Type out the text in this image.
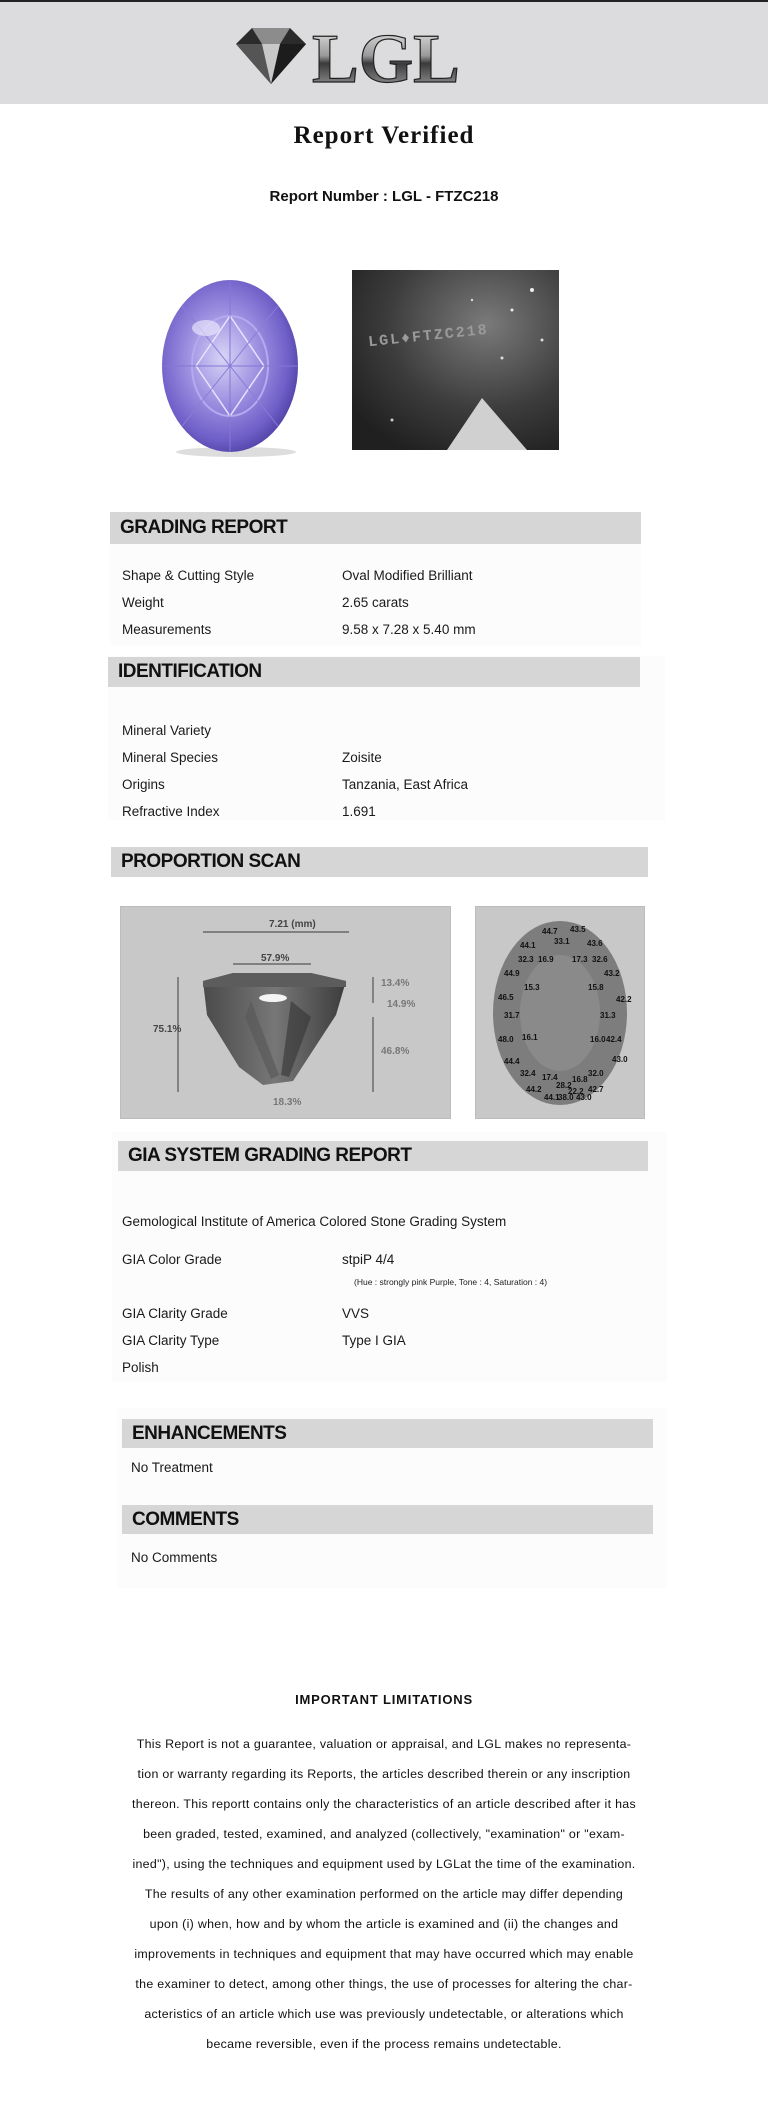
LGL
Report Verified
Report Number : LGL - FTZC218
LGL♦FTZC218
GRADING REPORT
Shape & Cutting Style	Oval Modified Brilliant
Weight	2.65 carats
Measurements	9.58 x 7.28 x 5.40 mm
IDENTIFICATION
Mineral Variety
Mineral Species	Zoisite
Origins	Tanzania, East Africa
Refractive Index	1.691
PROPORTION SCAN
7.21 (mm)
57.9%
75.1%
13.4%
14.9%
46.8%
18.3%
44.7 43.5
33.1
44.1	43.6
32.3 16.9 17.3 32.6
44.9	43.2
15.8
46.5
15.3
42.2
31.7	31.3
48.0 16.1	16.0 42.4
44.4	43.0
32.4	32.0
17.4 16.8
44.2 28.2
22.2 42.7
44.1
38.0 43.0
GIA SYSTEM GRADING REPORT
Gemological Institute of America Colored Stone Grading System
GIA Color Grade	stpiP 4/4
(Hue : strongly pink Purple, Tone : 4, Saturation : 4)
GIA Clarity Grade	VVS
GIA Clarity Type	Type I GIA
Polish
ENHANCEMENTS
No Treatment
COMMENTS
No Comments
IMPORTANT LIMITATIONS
This Report is not a guarantee, valuation or appraisal, and LGL makes no representa-
tion or warranty regarding its Reports, the articles described therein or any inscription
thereon. This reportt contains only the characteristics of an article described after it has
been graded, tested, examined, and analyzed (collectively, "examination" or "exam-
ined"), using the techniques and equipment used by LGLat the time of the examination.
The results of any other examination performed on the article may differ depending
upon (i) when, how and by whom the article is examined and (ii) the changes and
improvements in techniques and equipment that may have occurred which may enable
the examiner to detect, among other things, the use of processes for altering the char-
acteristics of an article which use was previously undetectable, or alterations which
became reversible, even if the process remains undetectable.
